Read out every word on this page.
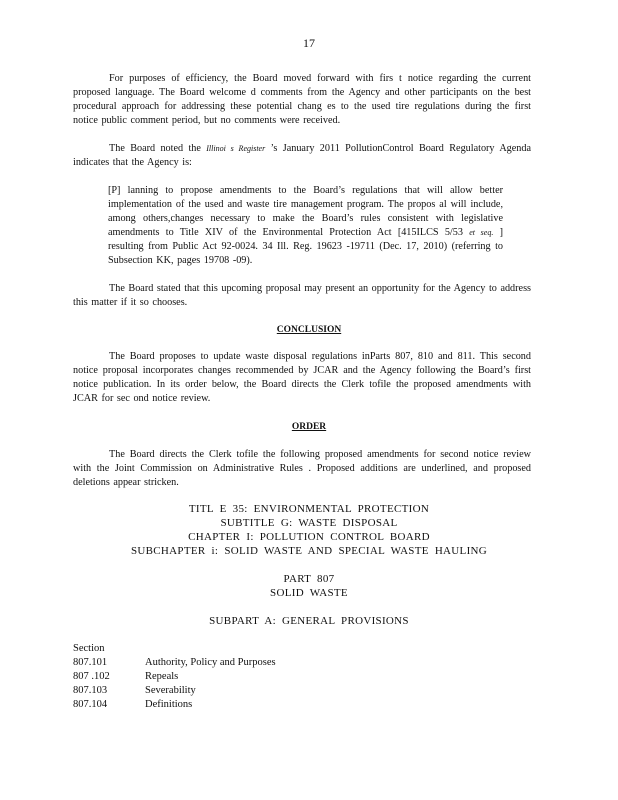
17

For purposes of efficiency, the Board moved forward with firs t notice regarding the current proposed language. The Board welcome d comments from the Agency and other participants on the best procedural approach for addressing these potential chang es to the used tire regulations during the first notice public comment period, but no comments were received.

The Board noted the Illinoi s Register ’s January 2011 PollutionControl Board Regulatory Agenda indicates that the Agency is:

[P] lanning to propose amendments to the Board’s regulations that will allow better implementation of the used and waste tire management program. The propos al will include, among others,changes necessary to make the Board’s rules consistent with legislative amendments to Title XIV of the Environmental Protection Act [415ILCS 5/53 et seq. ] resulting from Public Act 92-0024. 34 Ill. Reg. 19623 -19711 (Dec. 17, 2010) (referring to Subsection KK, pages 19708 -09).

The Board stated that this upcoming proposal may present an opportunity for the Agency to address this matter if it so chooses.

CONCLUSION

The Board proposes to update waste disposal regulations inParts 807, 810 and 811. This second notice proposal incorporates changes recommended by JCAR and the Agency following the Board’s first notice publication. In its order below, the Board directs the Clerk tofile the proposed amendments with JCAR for sec ond notice review.

ORDER

The Board directs the Clerk tofile the following proposed amendments for second notice review with the Joint Commission on Administrative Rules . Proposed additions are underlined, and proposed deletions appear stricken.

TITL E 35: ENVIRONMENTAL PROTECTION
SUBTITLE G: WASTE DISPOSAL
CHAPTER I: POLLUTION CONTROL BOARD
SUBCHAPTER i: SOLID WASTE AND SPECIAL WASTE HAULING
PART 807
SOLID WASTE
SUBPART A: GENERAL PROVISIONS
Section
807.101	Authority, Policy and Purposes
807 .102	Repeals
807.103	Severability
807.104	Definitions
